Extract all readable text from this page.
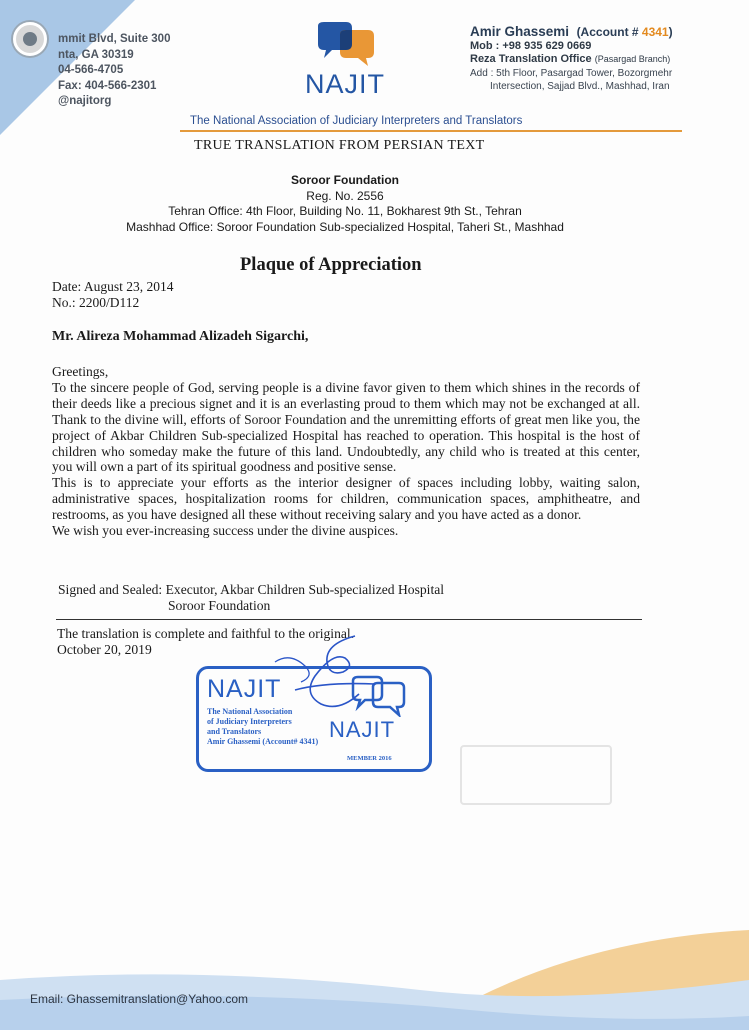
mmit Blvd, Suite 300
nta, GA 30319
04-566-4705
Fax: 404-566-2301
@najitorg
NAJIT
Amir Ghassemi (Account # 4341)
Mob : +98 935 629 0669
Reza Translation Office (Pasargad Branch)
Add : 5th Floor, Pasargad Tower, Bozorgmehr
Intersection, Sajjad Blvd., Mashhad, Iran
The National Association of Judiciary Interpreters and Translators
TRUE TRANSLATION FROM PERSIAN TEXT
Soroor Foundation
Reg. No. 2556
Tehran Office: 4th Floor, Building No. 11, Bokharest 9th St., Tehran
Mashhad Office: Soroor Foundation Sub-specialized Hospital, Taheri St., Mashhad
Plaque of Appreciation
Date: August 23, 2014
No.: 2200/D112
Mr. Alireza Mohammad Alizadeh Sigarchi,

Greetings,

To the sincere people of God, serving people is a divine favor given to them which shines in the records of their deeds like a precious signet and it is an everlasting proud to them which may not be exchanged at all. Thank to the divine will, efforts of Soroor Foundation and the unremitting efforts of great men like you, the project of Akbar Children Sub-specialized Hospital has reached to operation. This hospital is the host of children who someday make the future of this land. Undoubtedly, any child who is treated at this center, you will own a part of its spiritual goodness and positive sense.

This is to appreciate your efforts as the interior designer of spaces including lobby, waiting salon, administrative spaces, hospitalization rooms for children, communication spaces, amphitheatre, and restrooms, as you have designed all these without receiving salary and you have acted as a donor.

We wish you ever-increasing success under the divine auspices.

Signed and Sealed: Executor, Akbar Children Sub-specialized Hospital
Soroor Foundation
The translation is complete and faithful to the original.
October 20, 2019
NAJIT
The National Association
of Judiciary Interpreters
and Translators
Amir Ghassemi (Account# 4341) NAJIT
MEMBER 2016
Email: Ghassemitranslation@Yahoo.com
